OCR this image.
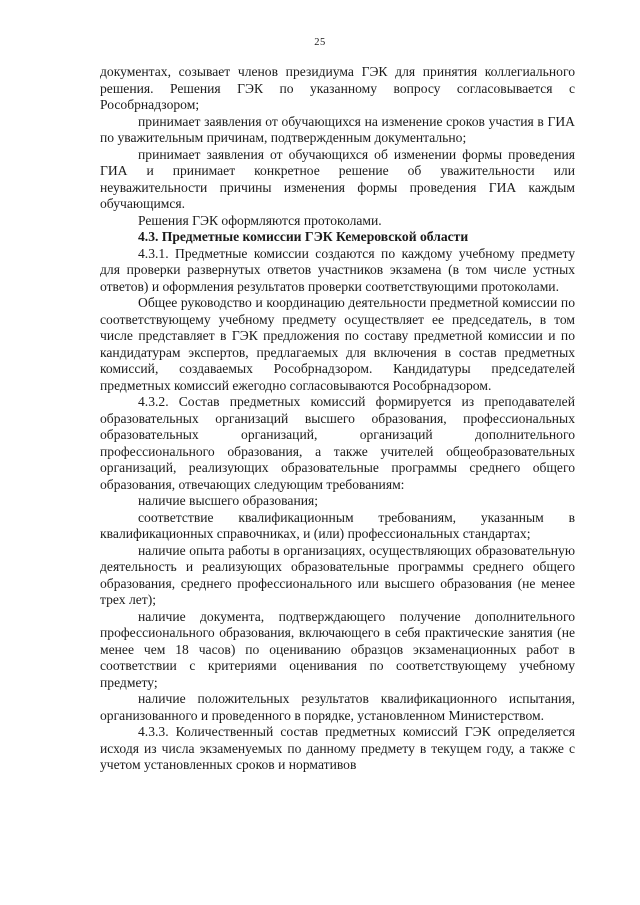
25

документах, созывает членов президиума ГЭК для принятия коллегиального решения. Решения ГЭК по указанному вопросу согласовывается с Рособрнадзором;

принимает заявления от обучающихся на изменение сроков участия в ГИА по уважительным причинам, подтвержденным документально;

принимает заявления от обучающихся об изменении формы проведения ГИА и принимает конкретное решение об уважительности или неуважительности причины изменения формы проведения ГИА каждым обучающимся.

Решения ГЭК оформляются протоколами.

4.3. Предметные комиссии ГЭК Кемеровской области

4.3.1. Предметные комиссии создаются по каждому учебному предмету для проверки развернутых ответов участников экзамена (в том числе устных ответов) и оформления результатов проверки соответствующими протоколами.

Общее руководство и координацию деятельности предметной комиссии по соответствующему учебному предмету осуществляет ее председатель, в том числе представляет в ГЭК предложения по составу предметной комиссии и по кандидатурам экспертов, предлагаемых для включения в состав предметных комиссий, создаваемых Рособрнадзором. Кандидатуры председателей предметных комиссий ежегодно согласовываются Рособрнадзором.

4.3.2. Состав предметных комиссий формируется из преподавателей образовательных организаций высшего образования, профессиональных образовательных организаций, организаций дополнительного профессионального образования, а также учителей общеобразовательных организаций, реализующих образовательные программы среднего общего образования, отвечающих следующим требованиям:

наличие высшего образования;

соответствие квалификационным требованиям, указанным в квалификационных справочниках, и (или) профессиональных стандартах;

наличие опыта работы в организациях, осуществляющих образовательную деятельность и реализующих образовательные программы среднего общего образования, среднего профессионального или высшего образования (не менее трех лет);

наличие документа, подтверждающего получение дополнительного профессионального образования, включающего в себя практические занятия (не менее чем 18 часов) по оцениванию образцов экзаменационных работ в соответствии с критериями оценивания по соответствующему учебному предмету;

наличие положительных результатов квалификационного испытания, организованного и проведенного в порядке, установленном Министерством.

4.3.3. Количественный состав предметных комиссий ГЭК определяется исходя из числа экзаменуемых по данному предмету в текущем году, а также с учетом установленных сроков и нормативов
